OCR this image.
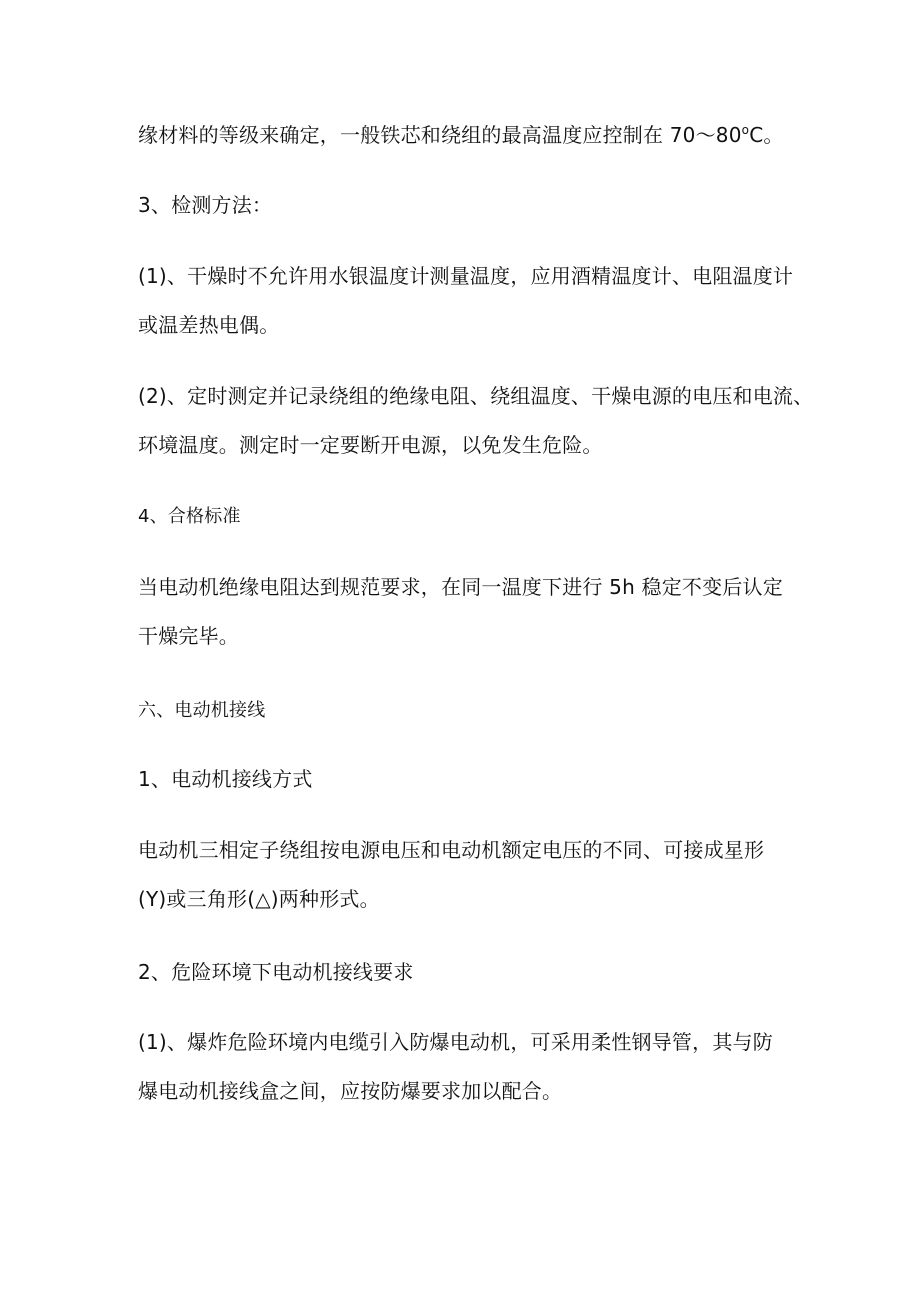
缘材料的等级来确定，一般铁芯和绕组的最高温度应控制在 70～80$^o$C。
3、检测方法：
(1)、干燥时不允许用水银温度计测量温度，应用酒精温度计、电阻温度计
或温差热电偶。
(2)、定时测定并记录绕组的绝缘电阻、绕组温度、干燥电源的电压和电流、
环境温度。测定时一定要断开电源，以免发生危险。
4、合格标准
当电动机绝缘电阻达到规范要求，在同一温度下进行 5h 稳定不变后认定
干燥完毕。
六、电动机接线
1、电动机接线方式
电动机三相定子绕组按电源电压和电动机额定电压的不同、可接成星形
(Y)或三角形(△)两种形式。
2、危险环境下电动机接线要求
(1)、爆炸危险环境内电缆引入防爆电动机，可采用柔性钢导管，其与防
爆电动机接线盒之间，应按防爆要求加以配合。
